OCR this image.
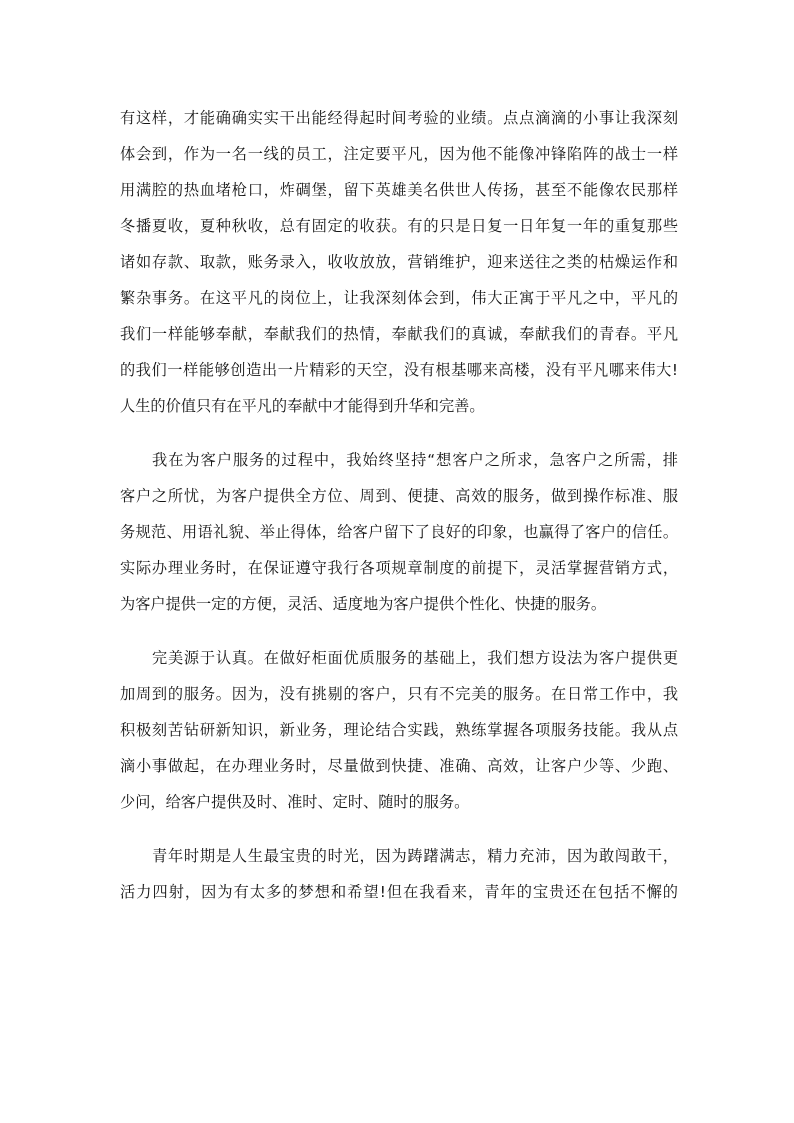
有这样，才能确确实实干出能经得起时间考验的业绩。点点滴滴的小事让我深刻
体会到，作为一名一线的员工，注定要平凡，因为他不能像冲锋陷阵的战士一样
用满腔的热血堵枪口，炸碉堡，留下英雄美名供世人传扬，甚至不能像农民那样
冬播夏收，夏种秋收，总有固定的收获。有的只是日复一日年复一年的重复那些
诸如存款、取款，账务录入，收收放放，营销维护，迎来送往之类的枯燥运作和
繁杂事务。在这平凡的岗位上，让我深刻体会到，伟大正寓于平凡之中，平凡的
我们一样能够奉献，奉献我们的热情，奉献我们的真诚，奉献我们的青春。平凡
的我们一样能够创造出一片精彩的天空，没有根基哪来高楼，没有平凡哪来伟大!
人生的价值只有在平凡的奉献中才能得到升华和完善。
我在为客户服务的过程中，我始终坚持“想客户之所求，急客户之所需，排
客户之所忧，为客户提供全方位、周到、便捷、高效的服务，做到操作标准、服
务规范、用语礼貌、举止得体，给客户留下了良好的印象，也赢得了客户的信任。
实际办理业务时，在保证遵守我行各项规章制度的前提下，灵活掌握营销方式，
为客户提供一定的方便，灵活、适度地为客户提供个性化、快捷的服务。
完美源于认真。在做好柜面优质服务的基础上，我们想方设法为客户提供更
加周到的服务。因为，没有挑剔的客户，只有不完美的服务。在日常工作中，我
积极刻苦钻研新知识，新业务，理论结合实践，熟练掌握各项服务技能。我从点
滴小事做起，在办理业务时，尽量做到快捷、准确、高效，让客户少等、少跑、
少问，给客户提供及时、准时、定时、随时的服务。
青年时期是人生最宝贵的时光，因为踌躇满志，精力充沛，因为敢闯敢干，
活力四射，因为有太多的梦想和希望!但在我看来，青年的宝贵还在包括不懈的
